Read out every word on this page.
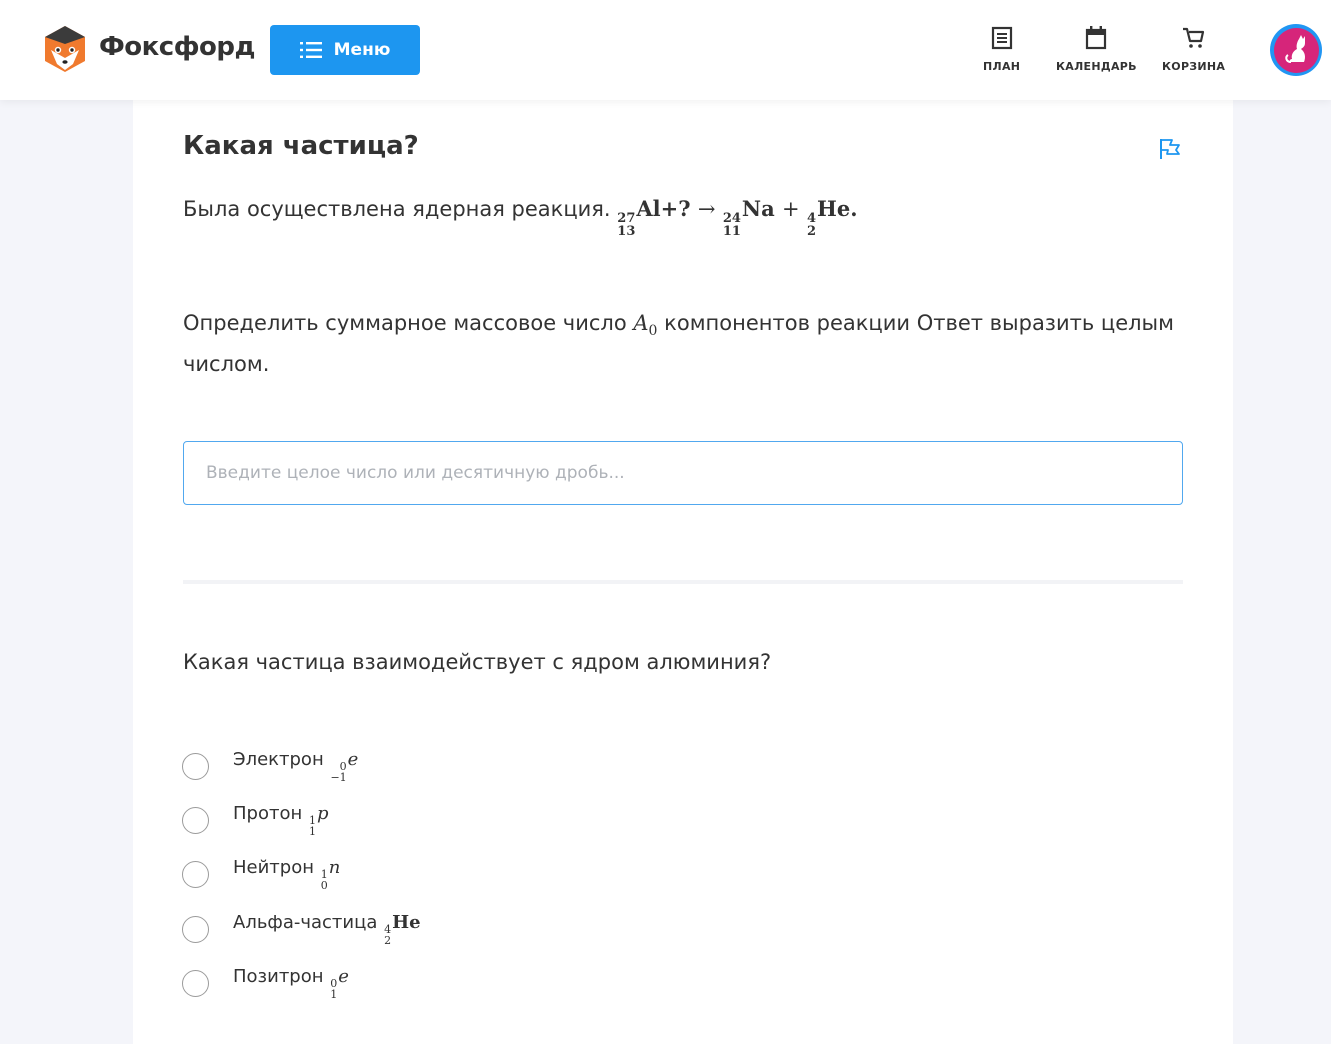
Фоксфорд	Меню
ПЛАН	КАЛЕНДАРЬ КОРЗИНА
Какая частица?
Была осуществлена ядерная реакция. 27
13
Al+? → 24
11
Na + 4
2
He.
Определить суммарное массовое число $A_0$ компонентов реакции Ответ выразить целым числом.
Введите целое число или десятичную дробь...
Какая частица взаимодействует с ядром алюминия?
Электрон	0
−1
e
Протон 1
1
p
Нейтрон 1
0
n
Альфа-частица 4
2
He
Позитрон 0
1
e
